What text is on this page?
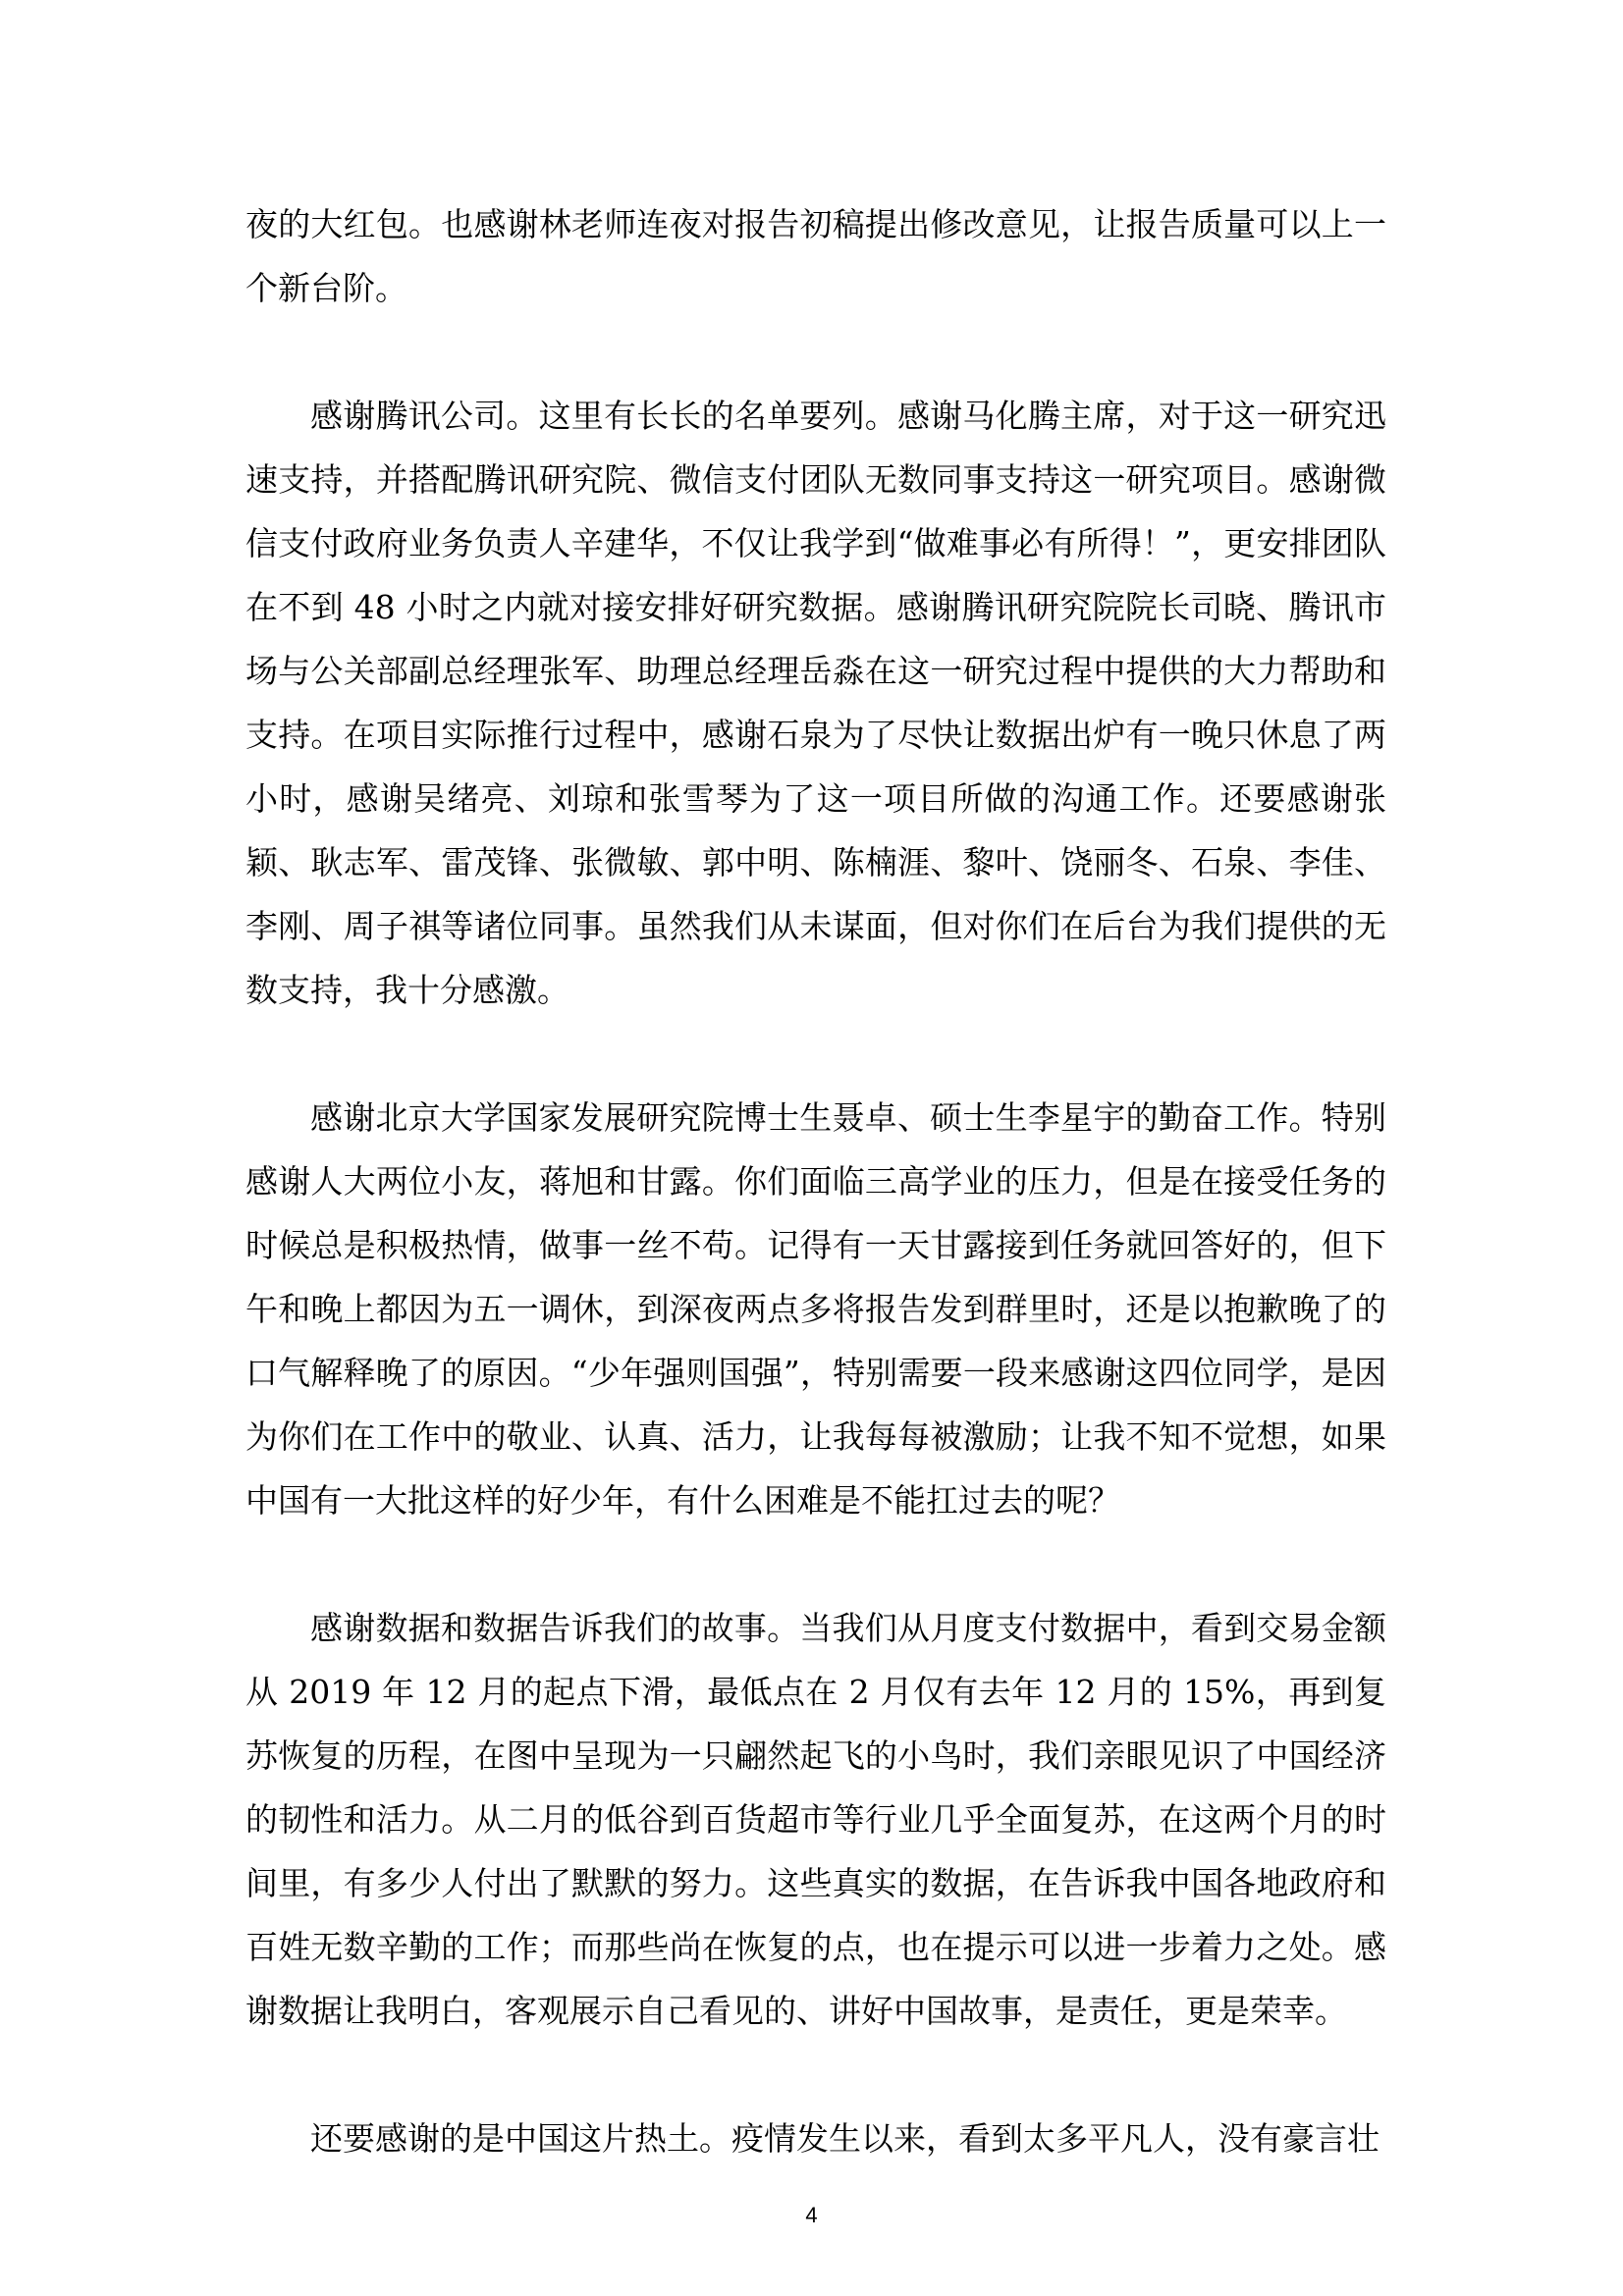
夜的大红包。也感谢林老师连夜对报告初稿提出修改意见，让报告质量可以上一个新台阶。

感谢腾讯公司。这里有长长的名单要列。感谢马化腾主席，对于这一研究迅速支持，并搭配腾讯研究院、微信支付团队无数同事支持这一研究项目。感谢微信支付政府业务负责人辛建华，不仅让我学到“做难事必有所得！”，更安排团队在不到 48 小时之内就对接安排好研究数据。感谢腾讯研究院院长司晓、腾讯市场与公关部副总经理张军、助理总经理岳淼在这一研究过程中提供的大力帮助和支持。在项目实际推行过程中，感谢石泉为了尽快让数据出炉有一晚只休息了两小时，感谢吴绪亮、刘琼和张雪琴为了这一项目所做的沟通工作。还要感谢张颖、耿志军、雷茂锋、张微敏、郭中明、陈楠涯、黎叶、饶丽冬、石泉、李佳、李刚、周子祺等诸位同事。虽然我们从未谋面，但对你们在后台为我们提供的无数支持，我十分感激。

感谢北京大学国家发展研究院博士生聂卓、硕士生李星宇的勤奋工作。特别感谢人大两位小友，蒋旭和甘露。你们面临三高学业的压力，但是在接受任务的时候总是积极热情，做事一丝不苟。记得有一天甘露接到任务就回答好的，但下午和晚上都因为五一调休，到深夜两点多将报告发到群里时，还是以抱歉晚了的口气解释晚了的原因。“少年强则国强”，特别需要一段来感谢这四位同学，是因为你们在工作中的敬业、认真、活力，让我每每被激励；让我不知不觉想，如果中国有一大批这样的好少年，有什么困难是不能扛过去的呢？

感谢数据和数据告诉我们的故事。当我们从月度支付数据中，看到交易金额从 2019 年 12 月的起点下滑，最低点在 2 月仅有去年 12 月的 15%，再到复苏恢复的历程，在图中呈现为一只翩然起飞的小鸟时，我们亲眼见识了中国经济的韧性和活力。从二月的低谷到百货超市等行业几乎全面复苏，在这两个月的时间里，有多少人付出了默默的努力。这些真实的数据，在告诉我中国各地政府和百姓无数辛勤的工作；而那些尚在恢复的点，也在提示可以进一步着力之处。感谢数据让我明白，客观展示自己看见的、讲好中国故事，是责任，更是荣幸。

还要感谢的是中国这片热土。疫情发生以来，看到太多平凡人，没有豪言壮

4
